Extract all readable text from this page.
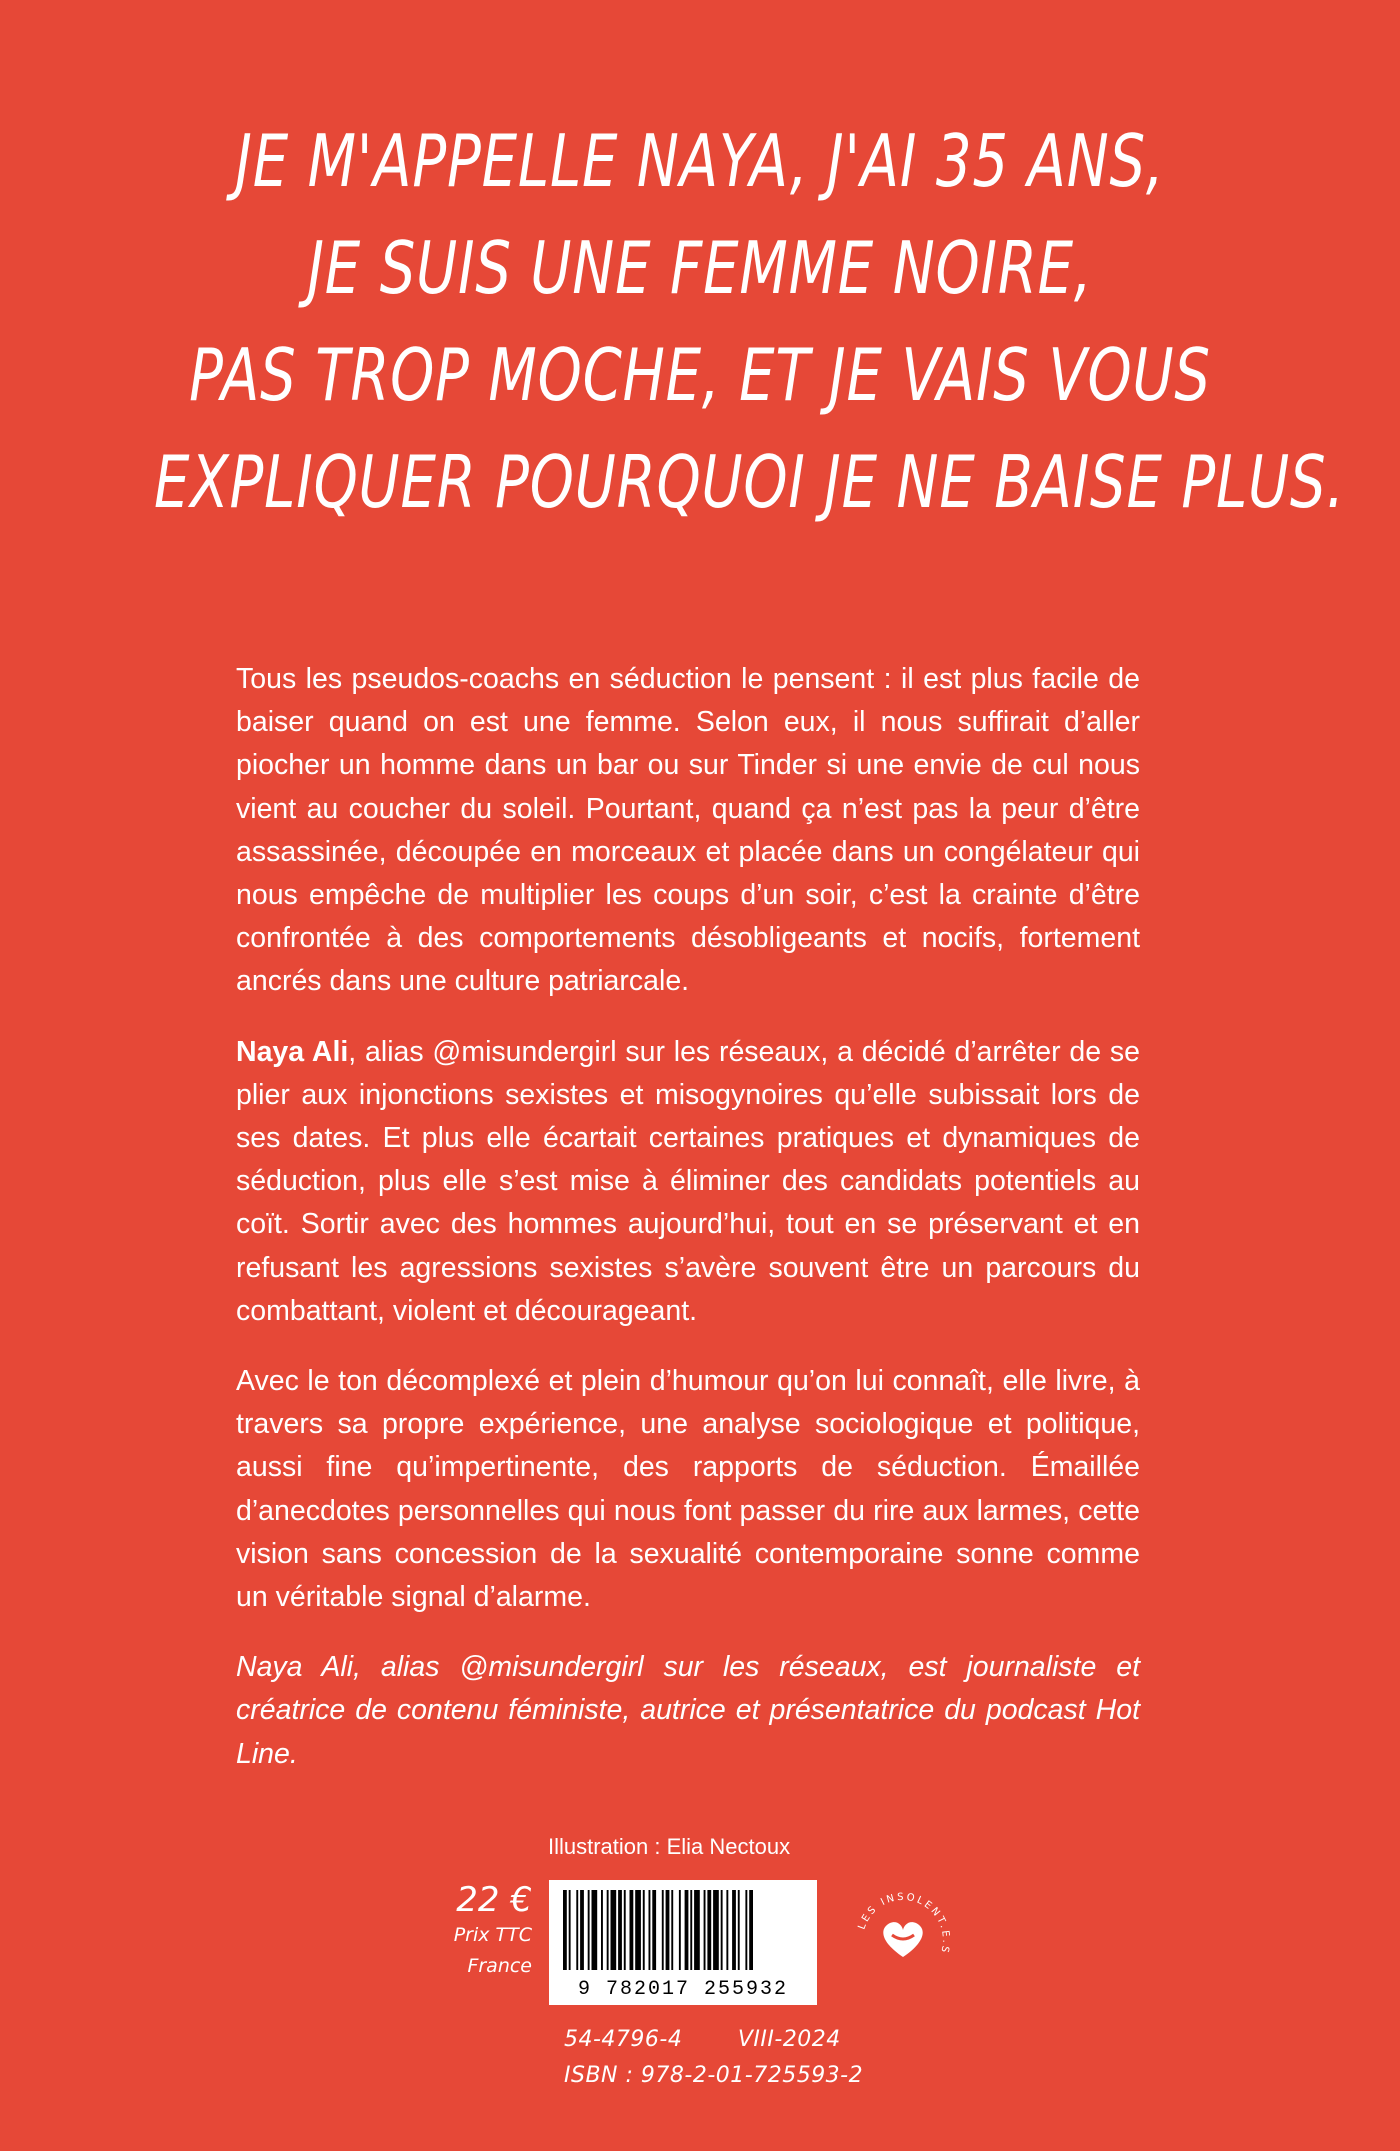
JE M'APPELLE NAYA, J'AI 35 ANS,
JE SUIS UNE FEMME NOIRE,
PAS TROP MOCHE, ET JE VAIS VOUS
EXPLIQUER POURQUOI JE NE BAISE PLUS.

Tous les pseudos-coachs en séduction le pensent : il est plus facile de baiser quand on est une femme. Selon eux, il nous suffirait d’aller piocher un homme dans un bar ou sur Tinder si une envie de cul nous vient au coucher du soleil. Pourtant, quand ça n’est pas la peur d’être assassinée, découpée en morceaux et placée dans un congélateur qui nous empêche de multiplier les coups d’un soir, c’est la crainte d’être confrontée à des comportements désobligeants et nocifs, fortement ancrés dans une culture patriarcale.

Naya Ali, alias @misundergirl sur les réseaux, a décidé d’arrêter de se plier aux injonctions sexistes et misogynoires qu’elle subissait lors de ses dates. Et plus elle écartait certaines pratiques et dynamiques de séduction, plus elle s’est mise à éliminer des candidats potentiels au coït. Sortir avec des hommes aujourd’hui, tout en se préservant et en refusant les agressions sexistes s’avère souvent être un parcours du combattant, violent et décourageant.

Avec le ton décomplexé et plein d’humour qu’on lui connaît, elle livre, à travers sa propre expérience, une analyse sociologique et politique, aussi fine qu’impertinente, des rapports de séduction. Émaillée d’anecdotes personnelles qui nous font passer du rire aux larmes, cette vision sans concession de la sexualité contemporaine sonne comme un véritable signal d’alarme.

Naya Ali, alias @misundergirl sur les réseaux, est journaliste et créatrice de contenu féministe, autrice et présentatrice du podcast Hot Line.

Illustration : Elia Nectoux
22 €
Prix TTC
France
9 782017 255932
54-4796-4	VIII-2024
ISBN : 978-2-01-725593-2
LES INSOLENT.E.S
